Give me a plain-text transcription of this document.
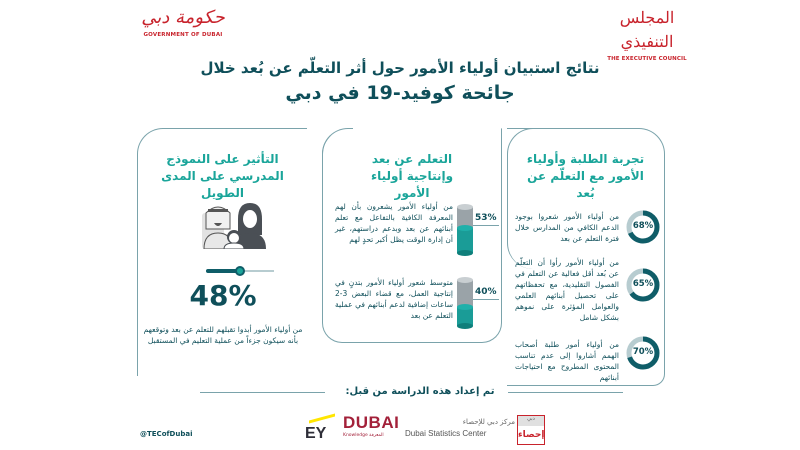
حكومة دبي
GOVERNMENT OF DUBAI
المجلس التنفيذي
THE EXECUTIVE COUNCIL
نتائج استبيان أولياء الأمور حول أثر التعلّم عن بُعد خلال
جائحة كوفيد-19 في دبي
التأثير على النموذج المدرسي على المدى الطويل
48%
من أولياء الأمور أبدوا تقبلهم للتعلم عن بعد وتوقعهم بأنه سيكون جزءاً من عملية التعليم في المستقبل
التعلم عن بعد وإنتاجية أولياء الأمور
من أولياء الأمور يشعرون بأن لهم المعرفة الكافية بالتفاعل مع تعلم أبنائهم عن بعد وبدعم دراستهم، غير أن إدارة الوقت يظل أكبر تحدٍ لهم
53%
متوسط شعور أولياء الأمور بتدنٍ في إنتاجية العمل، مع قضاء البعض 3-2 ساعات إضافية لدعم أبنائهم في عملية التعلم عن بعد
40%
تجربة الطلبة وأولياء الأمور مع التعلّم عن بُعد
من أولياء الأمور شعروا بوجود الدعم الكافي من المدارس خلال فترة التعلم عن بعد
68%
من أولياء الأمور رأوا أن التعلّم عن بُعد أقل فعالية عن التعلم في الفصول التقليدية، مع تحفظاتهم على تحصيل أبنائهم العلمي والعوامل المؤثرة على نموهم بشكل شامل
65%
من أولياء أمور طلبة أصحاب الهمم أشاروا إلى عدم تناسب المحتوى المطروح مع احتياجات أبنائهم
70%
تم إعداد هذه الدراسة من قبل:
EY
DUBAI
Knowledge المعرفة
مركز دبي للإحصاء
Dubai Statistics Center
دبي
إحصاء
@TECofDubai
